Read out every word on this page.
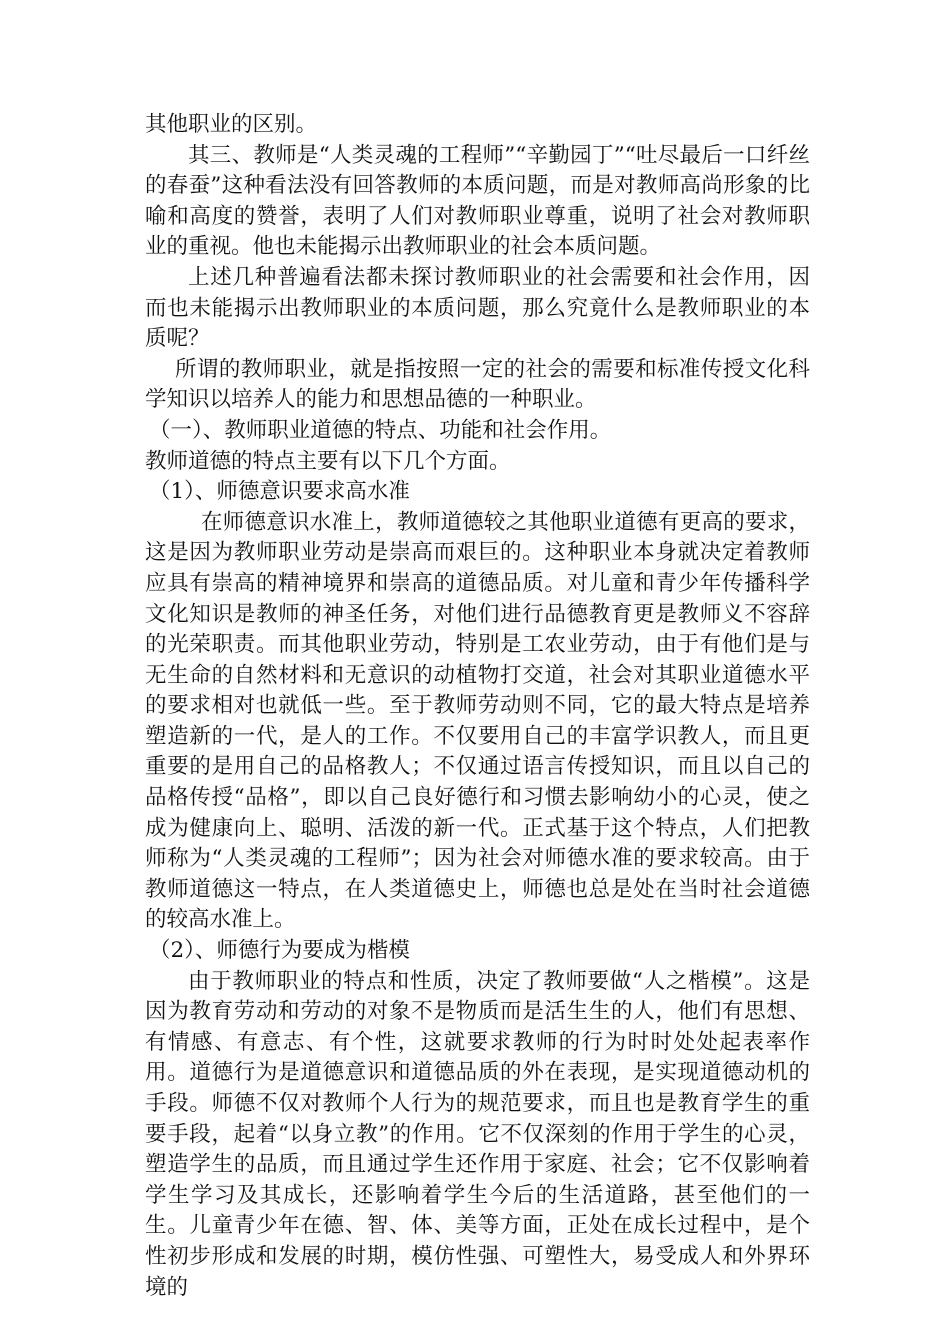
其他职业的区别。

其三、教师是“人类灵魂的工程师”“辛勤园丁”“吐尽最后一口纤丝的春蚕”这种看法没有回答教师的本质问题，而是对教师高尚形象的比喻和高度的赞誉，表明了人们对教师职业尊重，说明了社会对教师职业的重视。他也未能揭示出教师职业的社会本质问题。

上述几种普遍看法都未探讨教师职业的社会需要和社会作用，因而也未能揭示出教师职业的本质问题，那么究竟什么是教师职业的本质呢？

所谓的教师职业，就是指按照一定的社会的需要和标准传授文化科学知识以培养人的能力和思想品德的一种职业。

（一）、教师职业道德的特点、功能和社会作用。

教师道德的特点主要有以下几个方面。

（1）、师德意识要求高水准

在师德意识水准上，教师道德较之其他职业道德有更高的要求，这是因为教师职业劳动是崇高而艰巨的。这种职业本身就决定着教师应具有崇高的精神境界和崇高的道德品质。对儿童和青少年传播科学文化知识是教师的神圣任务，对他们进行品德教育更是教师义不容辞的光荣职责。而其他职业劳动，特别是工农业劳动，由于有他们是与无生命的自然材料和无意识的动植物打交道，社会对其职业道德水平的要求相对也就低一些。至于教师劳动则不同，它的最大特点是培养塑造新的一代，是人的工作。不仅要用自己的丰富学识教人，而且更重要的是用自己的品格教人；不仅通过语言传授知识，而且以自己的品格传授“品格”，即以自己良好德行和习惯去影响幼小的心灵，使之成为健康向上、聪明、活泼的新一代。正式基于这个特点，人们把教师称为“人类灵魂的工程师”；因为社会对师德水准的要求较高。由于教师道德这一特点，在人类道德史上，师德也总是处在当时社会道德的较高水准上。

（2）、师德行为要成为楷模

由于教师职业的特点和性质，决定了教师要做“人之楷模”。这是因为教育劳动和劳动的对象不是物质而是活生生的人，他们有思想、有情感、有意志、有个性，这就要求教师的行为时时处处起表率作用。道德行为是道德意识和道德品质的外在表现，是实现道德动机的手段。师德不仅对教师个人行为的规范要求，而且也是教育学生的重要手段，起着“以身立教”的作用。它不仅深刻的作用于学生的心灵，塑造学生的品质，而且通过学生还作用于家庭、社会；它不仅影响着学生学习及其成长，还影响着学生今后的生活道路，甚至他们的一生。儿童青少年在德、智、体、美等方面，正处在成长过程中，是个性初步形成和发展的时期，模仿性强、可塑性大，易受成人和外界环境的
